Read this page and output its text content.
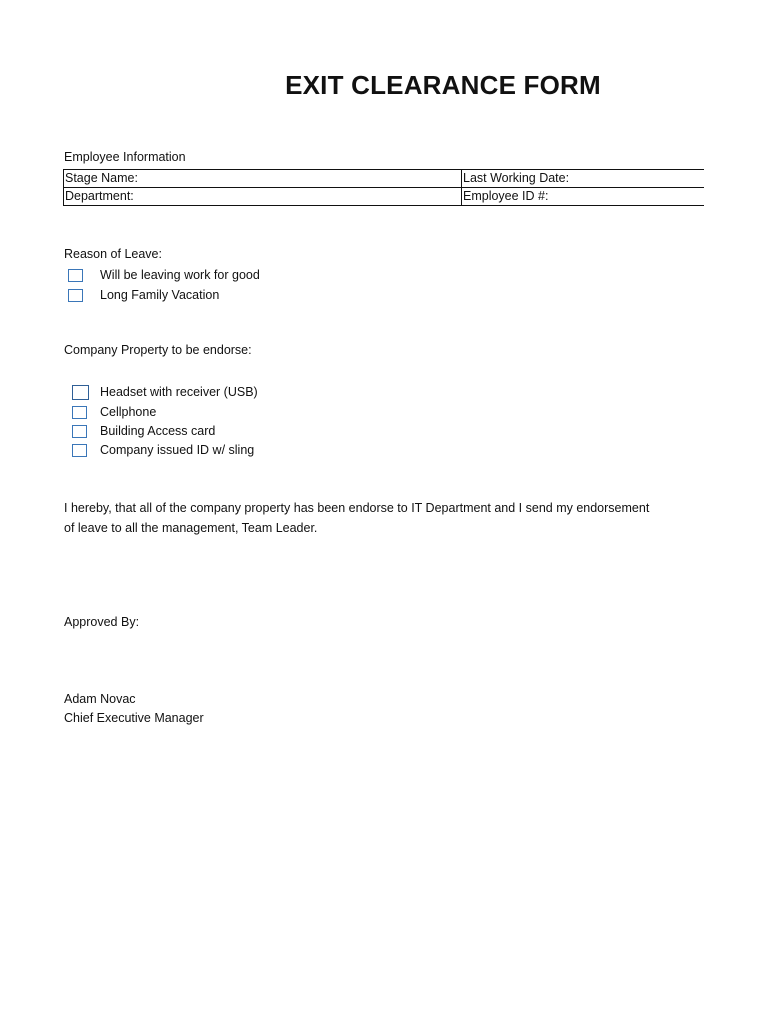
EXIT CLEARANCE FORM
Employee Information
Stage Name:	Last Working Date:
Department:	Employee ID #:
Reason of Leave:
Will be leaving work for good
Long Family Vacation
Company Property to be endorse:
Headset with receiver (USB)
Cellphone
Building Access card
Company issued ID w/ sling
I hereby, that all of the company property has been endorse to IT Department and I send my endorsement
of leave to all the management, Team Leader.
Approved By:
Adam Novac
Chief Executive Manager
